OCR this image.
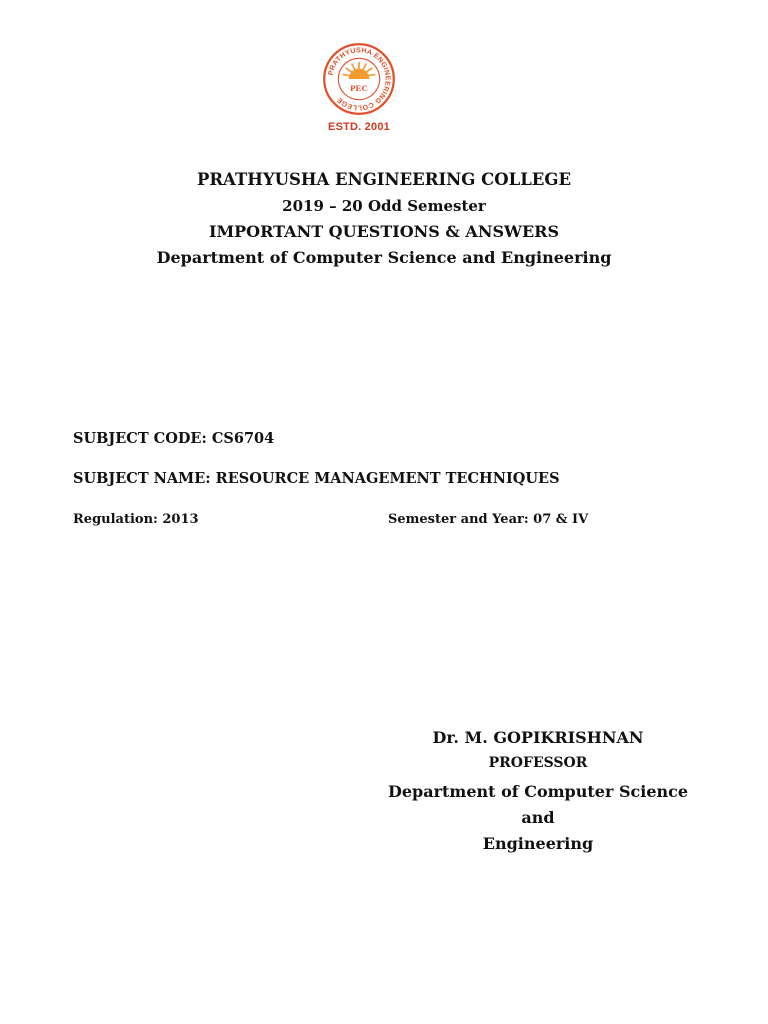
PRATHYUSHA ENGINEERING COLLEGE
PEC
ESTD. 2001
PRATHYUSHA ENGINEERING COLLEGE
2019 – 20 Odd Semester
IMPORTANT QUESTIONS & ANSWERS
Department of Computer Science and Engineering
SUBJECT CODE: CS6704
SUBJECT NAME: RESOURCE MANAGEMENT TECHNIQUES
Regulation: 2013	Semester and Year: 07 & IV
Dr. M. GOPIKRISHNAN
PROFESSOR
Department of Computer Science and
Engineering
